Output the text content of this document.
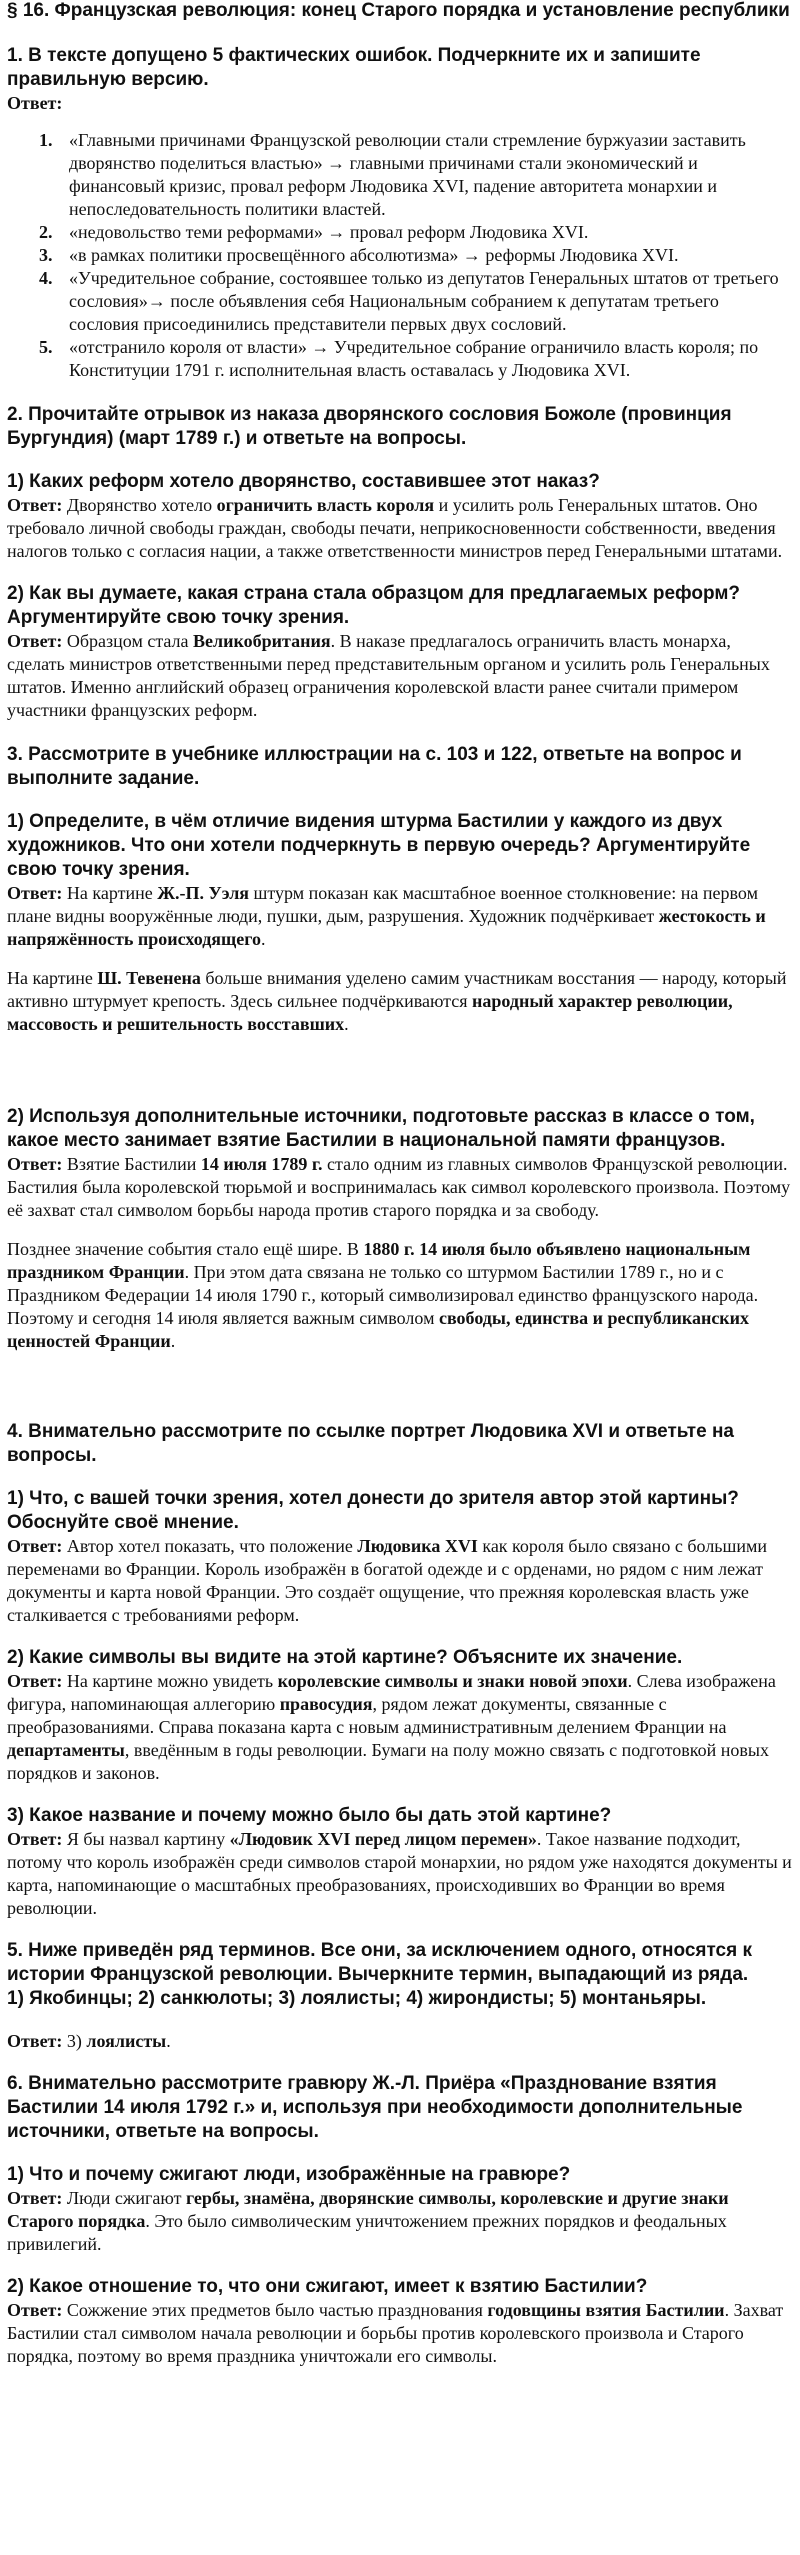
§ 16. Французская революция: конец Старого порядка и установление республики

1. В тексте допущено 5 фактических ошибок. Подчеркните их и запишите правильную версию.

Ответ:

1. «Главными причинами Французской революции стали стремление буржуазии заставить дворянство поделиться властью» → главными причинами стали экономический и финансовый кризис, провал реформ Людовика XVI, падение авторитета монархии и непоследовательность политики властей.
2. «недовольство теми реформами» → провал реформ Людовика XVI.
3. «в рамках политики просвещённого абсолютизма» → реформы Людовика XVI.
4. «Учредительное собрание, состоявшее только из депутатов Генеральных штатов от третьего сословия»→ после объявления себя Национальным собранием к депутатам третьего сословия присоединились представители первых двух сословий.
5. «отстранило короля от власти» → Учредительное собрание ограничило власть короля; по Конституции 1791 г. исполнительная власть оставалась у Людовика XVI.

2. Прочитайте отрывок из наказа дворянского сословия Божоле (провинция Бургундия) (март 1789 г.) и ответьте на вопросы.

1) Каких реформ хотело дворянство, составившее этот наказ?

Ответ: Дворянство хотело ограничить власть короля и усилить роль Генеральных штатов. Оно требовало личной свободы граждан, свободы печати, неприкосновенности собственности, введения налогов только с согласия нации, а также ответственности министров перед Генеральными штатами.

2) Как вы думаете, какая страна стала образцом для предлагаемых реформ? Аргументируйте свою точку зрения.

Ответ: Образцом стала Великобритания. В наказе предлагалось ограничить власть монарха, сделать министров ответственными перед представительным органом и усилить роль Генеральных штатов. Именно английский образец ограничения королевской власти ранее считали примером участники французских реформ.

3. Рассмотрите в учебнике иллюстрации на с. 103 и 122, ответьте на вопрос и выполните задание.

1) Определите, в чём отличие видения штурма Бастилии у каждого из двух художников. Что они хотели подчеркнуть в первую очередь? Аргументируйте свою точку зрения.

Ответ: На картине Ж.-П. Уэля штурм показан как масштабное военное столкновение: на первом плане видны вооружённые люди, пушки, дым, разрушения. Художник подчёркивает жестокость и напряжённость происходящего.

На картине Ш. Тевенена больше внимания уделено самим участникам восстания — народу, который активно штурмует крепость. Здесь сильнее подчёркиваются народный характер революции, массовость и решительность восставших.

2) Используя дополнительные источники, подготовьте рассказ в классе о том, какое место занимает взятие Бастилии в национальной памяти французов.

Ответ: Взятие Бастилии 14 июля 1789 г. стало одним из главных символов Французской революции. Бастилия была королевской тюрьмой и воспринималась как символ королевского произвола. Поэтому её захват стал символом борьбы народа против старого порядка и за свободу.

Позднее значение события стало ещё шире. В 1880 г. 14 июля было объявлено национальным праздником Франции. При этом дата связана не только со штурмом Бастилии 1789 г., но и с Праздником Федерации 14 июля 1790 г., который символизировал единство французского народа. Поэтому и сегодня 14 июля является важным символом свободы, единства и республиканских ценностей Франции.

4. Внимательно рассмотрите по ссылке портрет Людовика XVI и ответьте на вопросы.

1) Что, с вашей точки зрения, хотел донести до зрителя автор этой картины? Обоснуйте своё мнение.

Ответ: Автор хотел показать, что положение Людовика XVI как короля было связано с большими переменами во Франции. Король изображён в богатой одежде и с орденами, но рядом с ним лежат документы и карта новой Франции. Это создаёт ощущение, что прежняя королевская власть уже сталкивается с требованиями реформ.

2) Какие символы вы видите на этой картине? Объясните их значение.

Ответ: На картине можно увидеть королевские символы и знаки новой эпохи. Слева изображена фигура, напоминающая аллегорию правосудия, рядом лежат документы, связанные с преобразованиями. Справа показана карта с новым административным делением Франции на департаменты, введённым в годы революции. Бумаги на полу можно связать с подготовкой новых порядков и законов.

3) Какое название и почему можно было бы дать этой картине?

Ответ: Я бы назвал картину «Людовик XVI перед лицом перемен». Такое название подходит, потому что король изображён среди символов старой монархии, но рядом уже находятся документы и карта, напоминающие о масштабных преобразованиях, происходивших во Франции во время революции.

5. Ниже приведён ряд терминов. Все они, за исключением одного, относятся к истории Французской революции. Вычеркните термин, выпадающий из ряда.

1) Якобинцы; 2) санкюлоты; 3) лоялисты; 4) жирондисты; 5) монтаньяры.

Ответ: 3) лоялисты.

6. Внимательно рассмотрите гравюру Ж.-Л. Приёра «Празднование взятия Бастилии 14 июля 1792 г.» и, используя при необходимости дополнительные источники, ответьте на вопросы.

1) Что и почему сжигают люди, изображённые на гравюре?

Ответ: Люди сжигают гербы, знамёна, дворянские символы, королевские и другие знаки Старого порядка. Это было символическим уничтожением прежних порядков и феодальных привилегий.

2) Какое отношение то, что они сжигают, имеет к взятию Бастилии?

Ответ: Сожжение этих предметов было частью празднования годовщины взятия Бастилии. Захват Бастилии стал символом начала революции и борьбы против королевского произвола и Старого порядка, поэтому во время праздника уничтожали его символы.
